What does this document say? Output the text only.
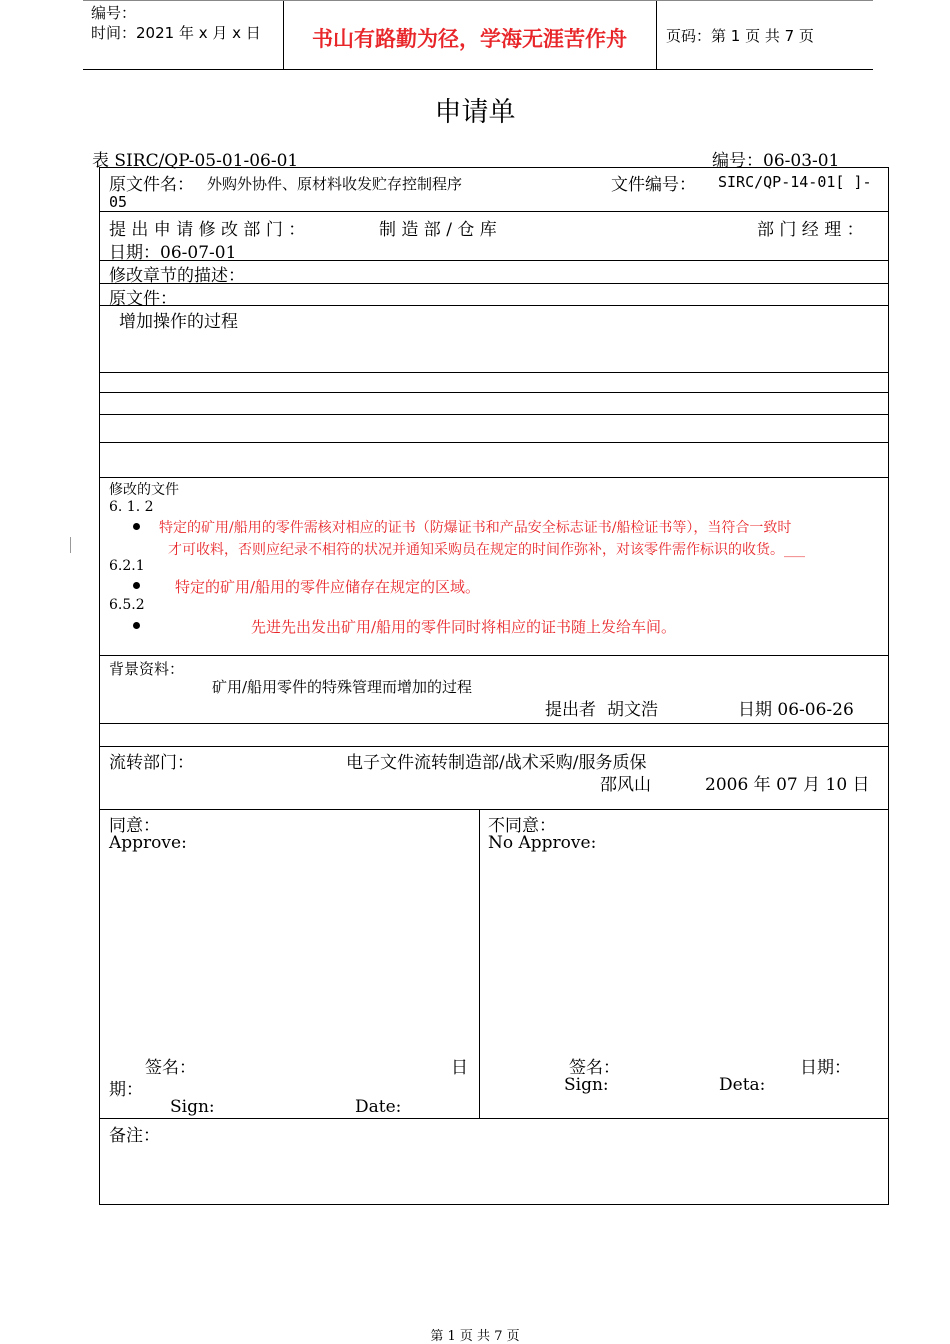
编号：
时间：2021 年 x 月 x 日	书山有路勤为径，学海无涯苦作舟	页码：第 1 页 共 7 页
申请单
表 SIRC/QP-05-01-06-01	编号：06-03-01
原文件名： 外购外协件、原材料收发贮存控制程序	文件编号： SIRC/QP-14-01[ ]-
05
提 出 申 请 修 改 部 门 ：	制 造 部 / 仓 库	部 门 经 理 ：
日期：06-07-01
修改章节的描述：
原文件：
增加操作的过程
修改的文件
6. 1. 2
特定的矿用/船用的零件需核对相应的证书（防爆证书和产品安全标志证书/船检证书等），当符合一致时
才可收料，否则应纪录不相符的状况并通知采购员在规定的时间作弥补，对该零件需作标识的收货。___
6.2.1
特定的矿用/船用的零件应储存在规定的区域。
6.5.2
先进先出发出矿用/船用的零件同时将相应的证书随上发给车间。
背景资料：
矿用/船用零件的特殊管理而增加的过程
提出者 胡文浩	日期 06-06-26
流转部门：	电子文件流转制造部/战术采购/服务质保
邵风山	2006 年 07 月 10 日
同意：
Approve:
签名：	日
期：
Sign:	Date:
不同意：
No Approve:
签名：	日期：
Sign:	Deta:
备注：
第 1 页 共 7 页
